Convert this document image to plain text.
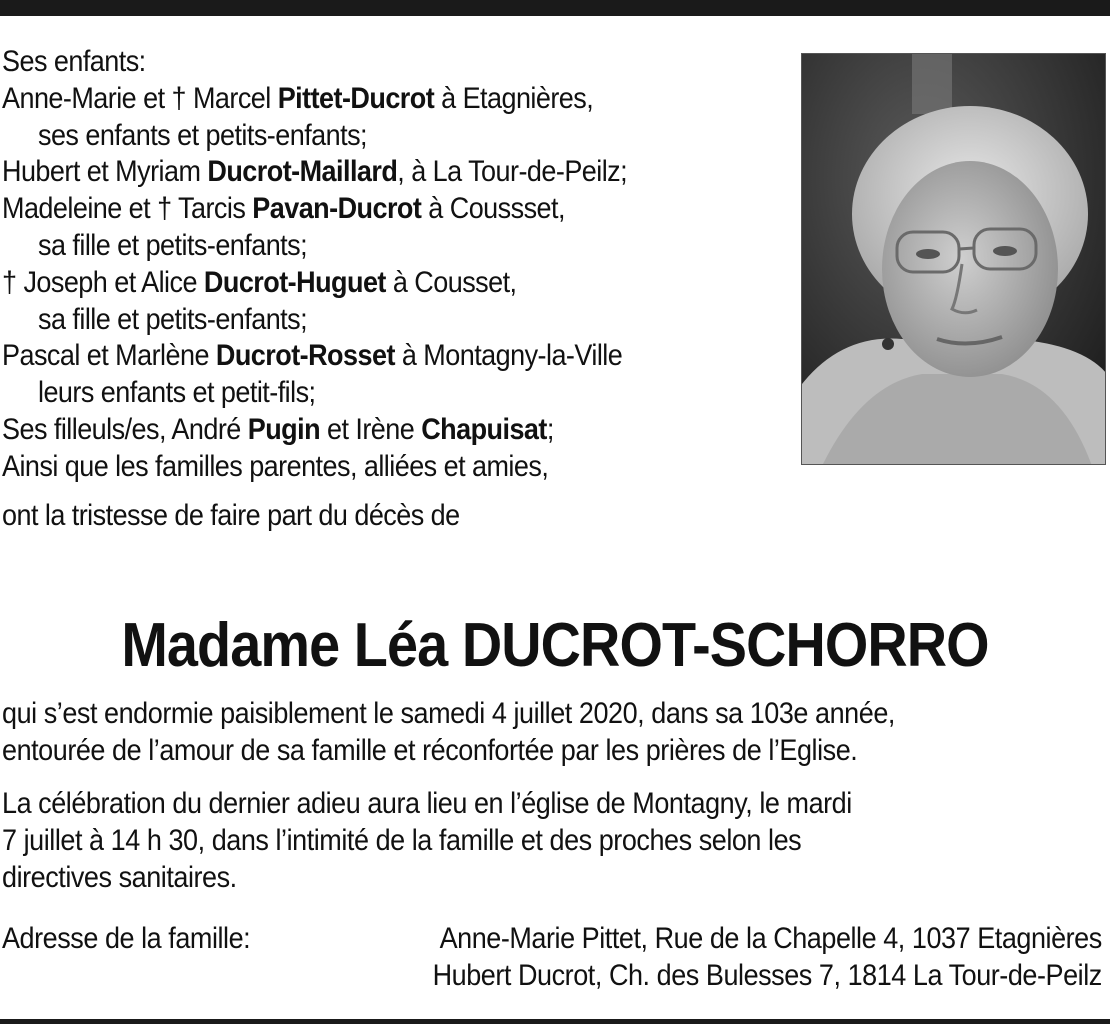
Ses enfants:
Anne-Marie et † Marcel Pittet-Ducrot à Etagnières,
ses enfants et petits-enfants;
Hubert et Myriam Ducrot-Maillard, à La Tour-de-Peilz;
Madeleine et † Tarcis Pavan-Ducrot à Coussset,
sa fille et petits-enfants;
† Joseph et Alice Ducrot-Huguet à Cousset,
sa fille et petits-enfants;
Pascal et Marlène Ducrot-Rosset à Montagny-la-Ville
leurs enfants et petit-fils;
Ses filleuls/es, André Pugin et Irène Chapuisat;
Ainsi que les familles parentes, alliées et amies,
ont la tristesse de faire part du décès de
Madame Léa DUCROT-SCHORRO
qui s’est endormie paisiblement le samedi 4 juillet 2020, dans sa 103e année,
entourée de l’amour de sa famille et réconfortée par les prières de l’Eglise.
La célébration du dernier adieu aura lieu en l’église de Montagny, le mardi
7 juillet à 14 h 30, dans l’intimité de la famille et des proches selon les
directives sanitaires.
Adresse de la famille:	Anne-Marie Pittet, Rue de la Chapelle 4, 1037 Etagnières
Hubert Ducrot, Ch. des Bulesses 7, 1814 La Tour-de-Peilz
